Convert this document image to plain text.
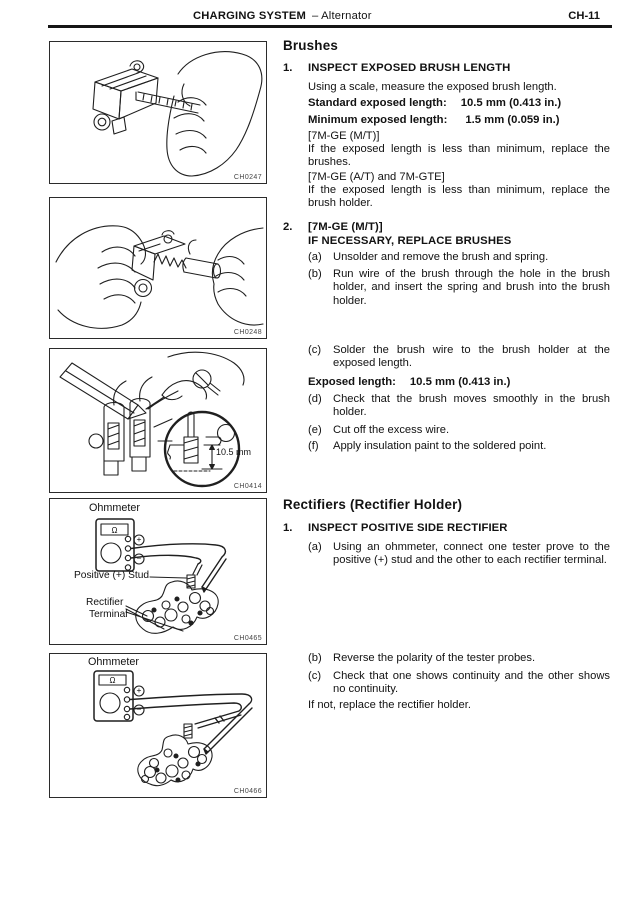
CHARGING SYSTEM – Alternator	CH-11
CH0247
CH0248
10.5 mm
CH0414
Ohmmeter
+
−
Ω
Positive (+) Stud
Rectifier
Terminal
CH0465
Ohmmeter
+
−
Ω
CH0466
Brushes
1.	INSPECT EXPOSED BRUSH LENGTH
Using a scale, measure the exposed brush length.
Standard exposed length: 10.5 mm (0.413 in.)
Minimum exposed length: 1.5 mm (0.059 in.)
[7M-GE (M/T)]
If the exposed length is less than minimum, replace the brushes.
[7M-GE (A/T) and 7M-GTE]
If the exposed length is less than minimum, replace the brush holder.
2.	[7M-GE (M/T)]
IF NECESSARY, REPLACE BRUSHES
(a)	Unsolder and remove the brush and spring.
(b)	Run wire of the brush through the hole in the brush holder, and insert the spring and brush into the brush holder.
(c)	Solder the brush wire to the brush holder at the exposed length.
Exposed length: 10.5 mm (0.413 in.)
(d)	Check that the brush moves smoothly in the brush holder.
(e)	Cut off the excess wire.
(f)	Apply insulation paint to the soldered point.
Rectifiers (Rectifier Holder)
1.	INSPECT POSITIVE SIDE RECTIFIER
(a)	Using an ohmmeter, connect one tester prove to the positive (+) stud and the other to each rectifier terminal.
(b)	Reverse the polarity of the tester probes.
(c)	Check that one shows continuity and the other shows no continuity.
If not, replace the rectifier holder.
